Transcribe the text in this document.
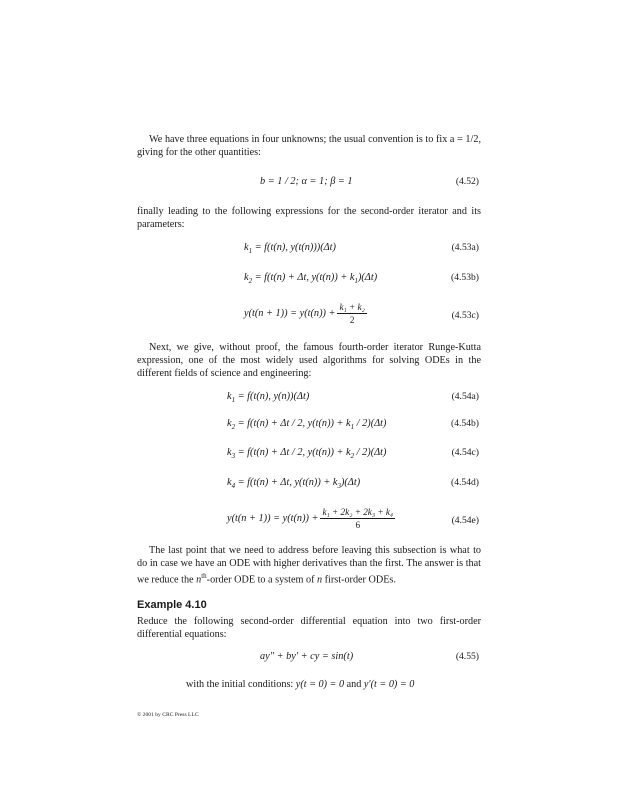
We have three equations in four unknowns; the usual convention is to fix a = 1/2, giving for the other quantities:

b = 1 / 2; α = 1; β = 1	(4.52)

finally leading to the following expressions for the second-order iterator and its parameters:

$k_1 = f(t(n)$, y(t(n)))(Δt)	(4.53a)
$k_2 = f(t(n) + \Delta t$, $y(t(n)) + k_1)(\Delta t)$	(4.53b)
$y(t(n + 1)) = y(t(n)) + \frac{\text{k₁ + k₂}}{2}$	(4.53c)

Next, we give, without proof, the famous fourth-order iterator Runge-Kutta expression, one of the most widely used algorithms for solving ODEs in the different fields of science and engineering:

$k_1 = f(t(n)$, y(n))(Δt)	(4.54a)
$k_2 = f(t(n) + \Delta t / 2$, $y(t(n)) + k_1 / 2)(\Delta t)$	(4.54b)
$k_3 = f(t(n) + \Delta t / 2$, $y(t(n)) + k_2 / 2)(\Delta t)$	(4.54c)
$k_4 = f(t(n) + \Delta t$, $y(t(n)) + k_3)(\Delta t)$	(4.54d)
$y(t(n + 1)) = y(t(n)) + \frac{\text{k₁ + 2k₂ + 2k₃ + k₄}}{6}$	(4.54e)

The last point that we need to address before leaving this subsection is what to do in case we have an ODE with higher derivatives than the first. The answer is that we reduce the $n^{th}$-order ODE to a system of n first-order ODEs.

Example 4.10

Reduce the following second-order differential equation into two first-order differential equations:

ay″ + by′ + cy = sin(t)	(4.55)

with the initial conditions: y(t = 0) = 0 and y′(t = 0) = 0

© 2001 by CRC Press LLC
